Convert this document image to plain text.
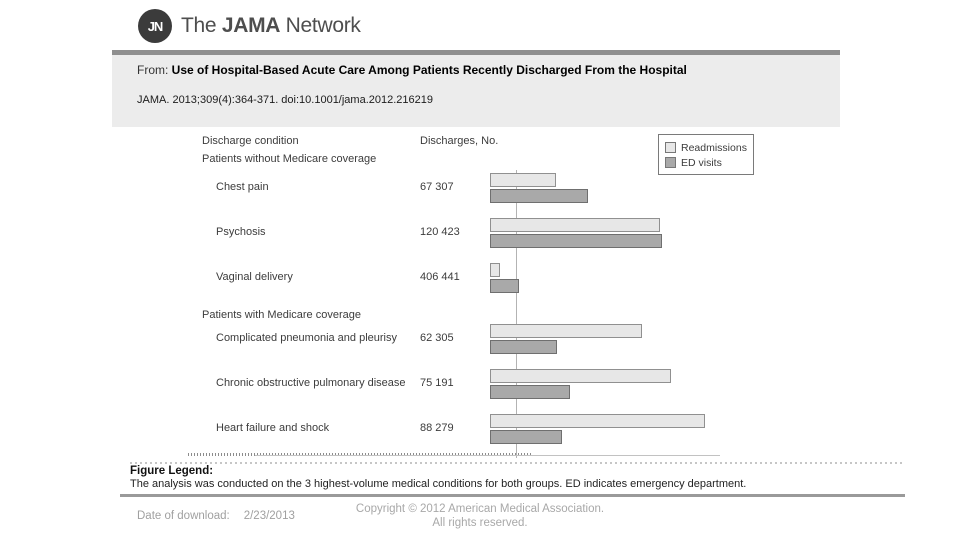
JN The JAMA Network
From: Use of Hospital-Based Acute Care Among Patients Recently Discharged From the Hospital
JAMA. 2013;309(4):364-371. doi:10.1001/jama.2012.216219
Discharge condition	Discharges, No.
Readmissions
ED visits
Patients without Medicare coverage
Chest pain	67 307
Psychosis	120 423
Vaginal delivery	406 441
Patients with Medicare coverage
Complicated pneumonia and pleurisy	62 305
Chronic obstructive pulmonary disease	75 191
Heart failure and shock	88 279
Figure Legend:
The analysis was conducted on the 3 highest-volume medical conditions for both groups. ED indicates emergency department.
Date of download: 2/23/2013
Copyright © 2012 American Medical Association.
All rights reserved.
